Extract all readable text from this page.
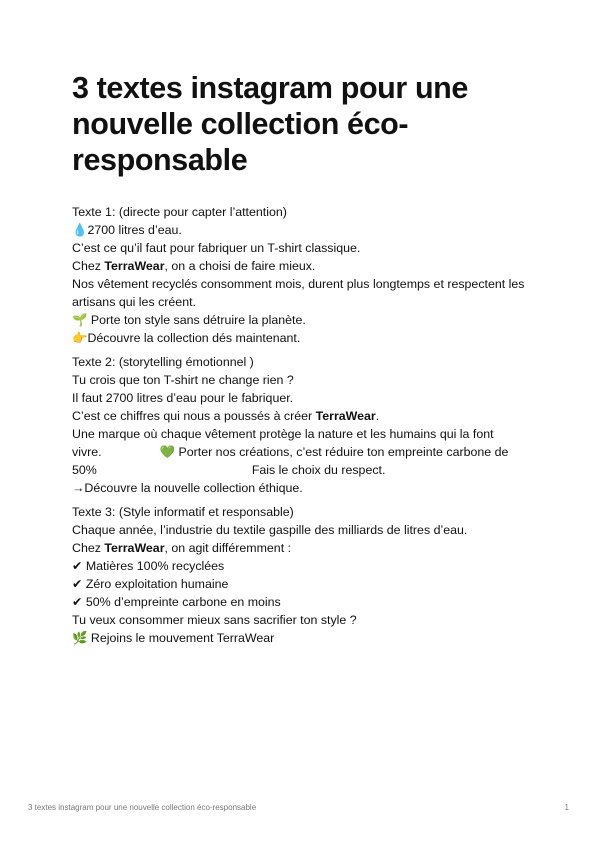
3 textes instagram pour une nouvelle collection éco-responsable
Texte 1: (directe pour capter l’attention)
💧2700 litres d’eau.
C’est ce qu’il faut pour fabriquer un T-shirt classique.
Chez TerraWear, on a choisi de faire mieux.
Nos vêtement recyclés consomment mois, durent plus longtemps et respectent les artisans qui les créent.
🌱 Porte ton style sans détruire la planète.
👉Découvre la collection dés maintenant.
Texte 2: (storytelling émotionnel )
Tu crois que ton T-shirt ne change rien ?
Il faut 2700 litres d’eau pour le fabriquer.
C’est ce chiffres qui nous a poussés à créer TerraWear.
Une marque où chaque vêtement protège la nature et les humains qui la font
vivre.	💚 Porter nos créations, c’est réduire ton empreinte carbone de
50%	Fais le choix du respect.
→Découvre la nouvelle collection éthique.
Texte 3: (Style informatif et responsable)
Chaque année, l’industrie du textile gaspille des milliards de litres d’eau.
Chez TerraWear, on agit différemment :
✔ Matières 100% recyclées
✔ Zéro exploitation humaine
✔ 50% d’empreinte carbone en moins
Tu veux consommer mieux sans sacrifier ton style ?
🌿 Rejoins le mouvement TerraWear
3 textes instagram pour une nouvelle collection éco-responsable	1
